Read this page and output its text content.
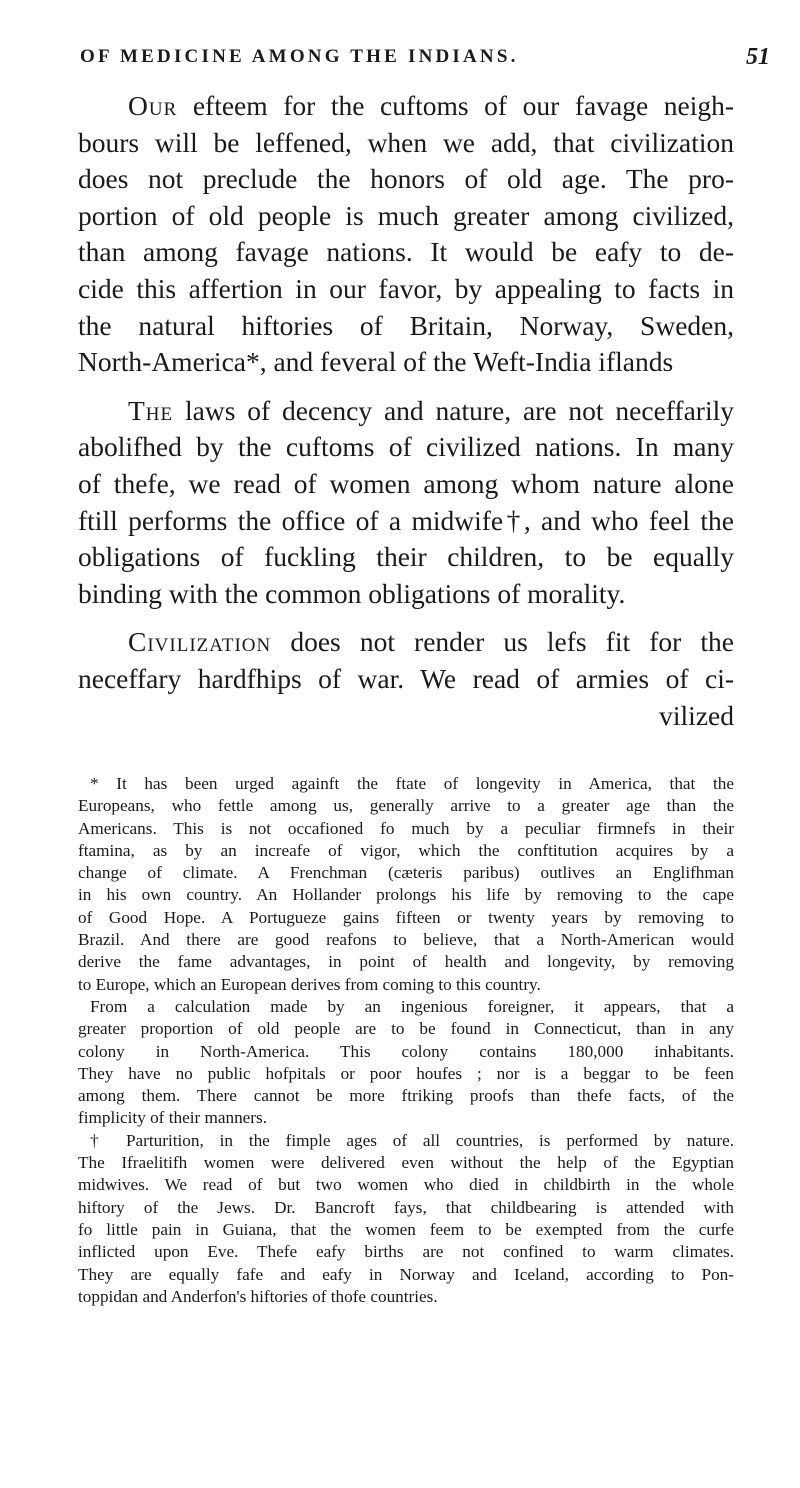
OF MEDICINE AMONG THE INDIANS.	51

Our efteem for the cuftoms of our favage neigh-
bours will be leffened, when we add, that civilization
does not preclude the honors of old age. The pro-
portion of old people is much greater among civilized,
than among favage nations. It would be eafy to de-
cide this affertion in our favor, by appealing to facts in
the natural hiftories of Britain, Norway, Sweden,
North-America*, and feveral of the Weft-India iflands

The laws of decency and nature, are not neceffarily
abolifhed by the cuftoms of civilized nations. In many
of thefe, we read of women among whom nature alone
ftill performs the office of a midwife†, and who feel the
obligations of fuckling their children, to be equally
binding with the common obligations of morality.

Civilization does not render us lefs fit for the
neceffary hardfhips of war. We read of armies of ci-
vilized

* It has been urged againft the ftate of longevity in America, that the
Europeans, who fettle among us, generally arrive to a greater age than the
Americans. This is not occafioned fo much by a peculiar firmnefs in their
ftamina, as by an increafe of vigor, which the conftitution acquires by a
change of climate. A Frenchman (cæteris paribus) outlives an Englifhman
in his own country. An Hollander prolongs his life by removing to the cape
of Good Hope. A Portugueze gains fifteen or twenty years by removing to
Brazil. And there are good reafons to believe, that a North-American would
derive the fame advantages, in point of health and longevity, by removing
to Europe, which an European derives from coming to this country.
From a calculation made by an ingenious foreigner, it appears, that a
greater proportion of old people are to be found in Connecticut, than in any
colony in North-America. This colony contains 180,000 inhabitants.
They have no public hofpitals or poor houfes ; nor is a beggar to be feen
among them. There cannot be more ftriking proofs than thefe facts, of the
fimplicity of their manners.
† Parturition, in the fimple ages of all countries, is performed by nature.
The Ifraelitifh women were delivered even without the help of the Egyptian
midwives. We read of but two women who died in childbirth in the whole
hiftory of the Jews. Dr. Bancroft fays, that childbearing is attended with
fo little pain in Guiana, that the women feem to be exempted from the curfe
inflicted upon Eve. Thefe eafy births are not confined to warm climates.
They are equally fafe and eafy in Norway and Iceland, according to Pon-
toppidan and Anderfon's hiftories of thofe countries.
